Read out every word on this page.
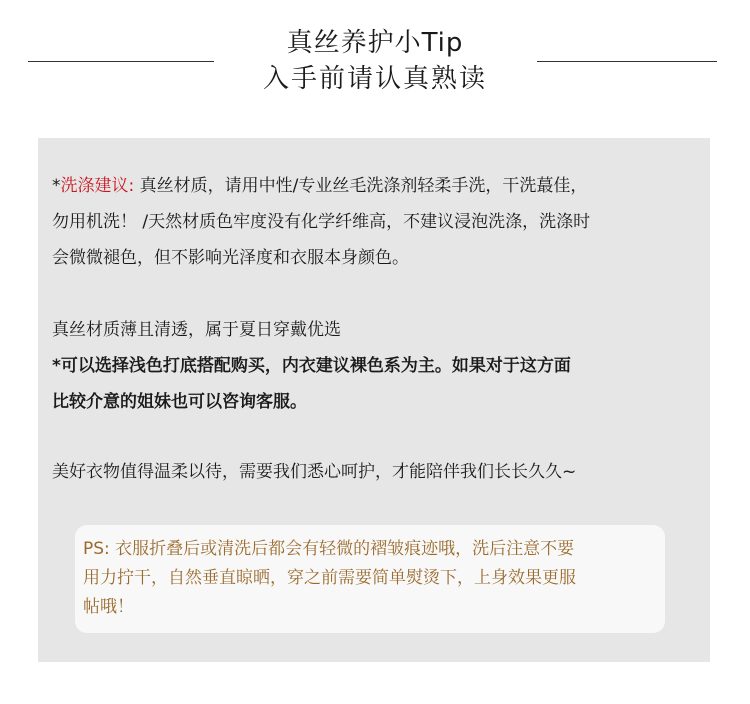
真丝养护小Tip
入手前请认真熟读
*洗涤建议: 真丝材质，请用中性/专业丝毛洗涤剂轻柔手洗，干洗蕞佳，
勿用机洗！ /天然材质色牢度没有化学纤维高，不建议浸泡洗涤，洗涤时
会微微褪色，但不影响光泽度和衣服本身颜色。
真丝材质薄且清透，属于夏日穿戴优选
*可以选择浅色打底搭配购买，内衣建议裸色系为主。如果对于这方面
比较介意的姐妹也可以咨询客服。
美好衣物值得温柔以待，需要我们悉心呵护，才能陪伴我们长长久久~
PS: 衣服折叠后或清洗后都会有轻微的褶皱痕迹哦，洗后注意不要
用力拧干，自然垂直晾晒，穿之前需要简单熨烫下，上身效果更服
帖哦！
